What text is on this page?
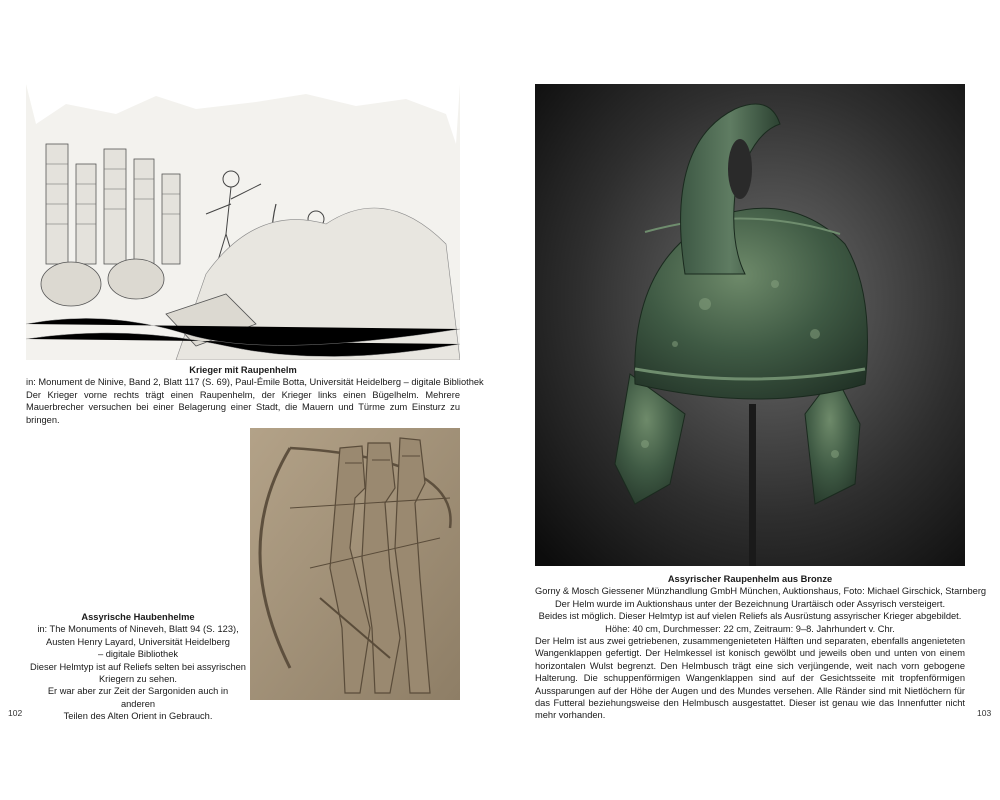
Krieger mit Raupenhelm

in: Monument de Ninive, Band 2, Blatt 117 (S. 69), Paul-Émile Botta, Universität Heidelberg – digitale Bibliothek

Der Krieger vorne rechts trägt einen Raupenhelm, der Krieger links einen Bügelhelm. Mehrere Mauerbrecher versuchen bei einer Belagerung einer Stadt, die Mauern und Türme zum Einsturz zu bringen.

Assyrische Haubenhelme

in: The Monuments of Nineveh, Blatt 94 (S. 123),

Austen Henry Layard, Universität Heidelberg

– digitale Bibliothek

Dieser Helmtyp ist auf Reliefs selten bei assyrischen

Kriegern zu sehen.

Er war aber zur Zeit der Sargoniden auch in anderen

Teilen des Alten Orient in Gebrauch.

102

Assyrischer Raupenhelm aus Bronze

Gorny & Mosch Giessener Münzhandlung GmbH München, Auktionshaus, Foto: Michael Girschick, Starnberg

Der Helm wurde im Auktionshaus unter der Bezeichnung Urartäisch oder Assyrisch versteigert.

Beides ist möglich. Dieser Helmtyp ist auf vielen Reliefs als Ausrüstung assyrischer Krieger abgebildet.

Höhe: 40 cm, Durchmesser: 22 cm, Zeitraum: 9–8. Jahrhundert v. Chr.

Der Helm ist aus zwei getriebenen, zusammengenieteten Hälften und separaten, ebenfalls angenieteten Wangenklappen gefertigt. Der Helmkessel ist konisch gewölbt und jeweils oben und unten von einem horizontalen Wulst begrenzt. Den Helmbusch trägt eine sich verjüngende, weit nach vorn gebogene Halterung. Die schuppenförmigen Wangenklappen sind auf der Gesichtsseite mit tropfenförmigen Aussparungen auf der Höhe der Augen und des Mundes versehen. Alle Ränder sind mit Nietlöchern für das Futteral beziehungsweise den Helmbusch ausgestattet. Dieser ist genau wie das Innenfutter nicht mehr vorhanden.	103
